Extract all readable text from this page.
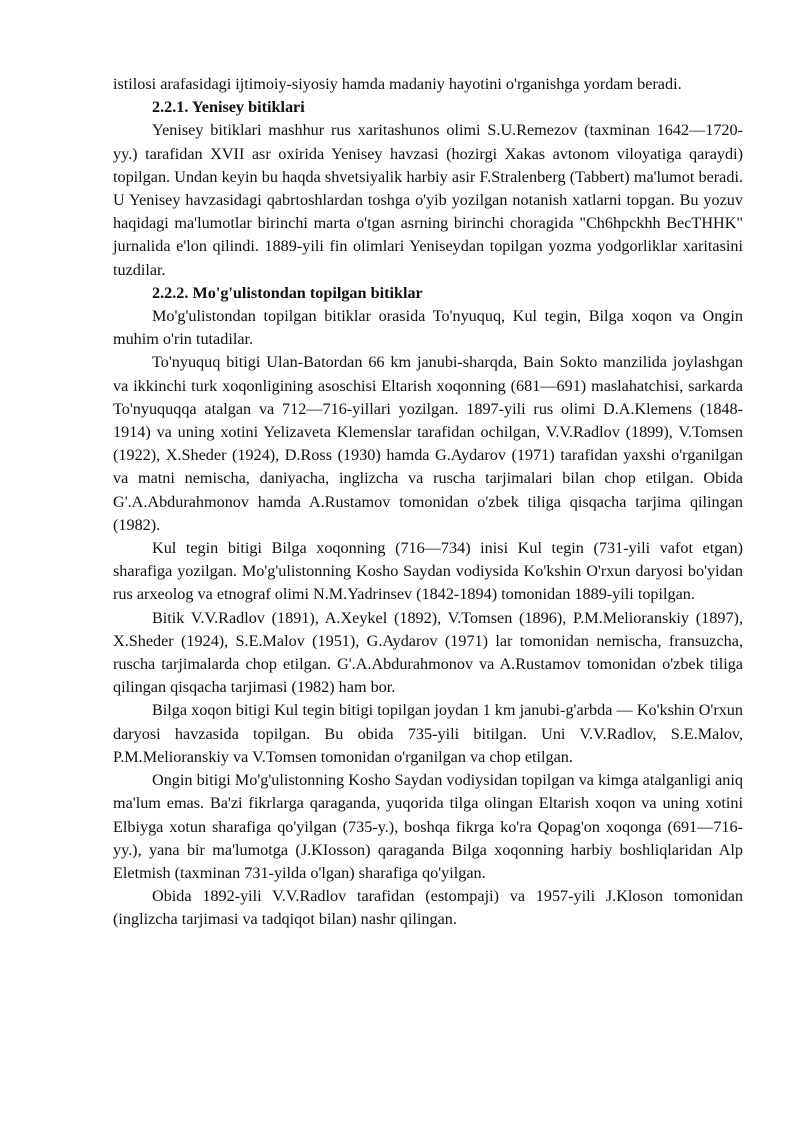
istilosi arafasidagi ijtimoiy-siyosiy hamda madaniy hayotini o'rganishga yordam beradi.

2.2.1. Yenisey bitiklari

Yenisey bitiklari mashhur rus xaritashunos olimi S.U.Remezov (taxminan 1642—1720-yy.) tarafidan XVII asr oxirida Yenisey havzasi (hozirgi Xakas avtonom viloyatiga qaraydi) topilgan. Undan keyin bu haqda shvetsiyalik harbiy asir F.Stralenberg (Tabbert) ma'lumot beradi. U Yenisey havzasidagi qabrtoshlardan toshga o'yib yozilgan notanish xatlarni topgan. Bu yozuv haqidagi ma'lumotlar birinchi marta o'tgan asrning birinchi choragida "Ch6hpckhh BecTHHK" jurnalida e'lon qilindi. 1889-yili fin olimlari Yeniseydan topilgan yozma yodgorliklar xaritasini tuzdilar.

2.2.2. Mo'g'ulistondan topilgan bitiklar

Mo'g'ulistondan topilgan bitiklar orasida To'nyuquq, Kul tegin, Bilga xoqon va Ongin muhim o'rin tutadilar.

To'nyuquq bitigi Ulan-Batordan 66 km janubi-sharqda, Bain Sokto manzilida joylashgan va ikkinchi turk xoqonligining asoschisi Eltarish xoqonning (681—691) maslahatchisi, sarkarda To'nyuquqqa atalgan va 712—716-yillari yozilgan. 1897-yili rus olimi D.A.Klemens (1848-1914) va uning xotini Yelizaveta Klemenslar tarafidan ochilgan, V.V.Radlov (1899), V.Tomsen (1922), X.Sheder (1924), D.Ross (1930) hamda G.Aydarov (1971) tarafidan yaxshi o'rganilgan va matni nemischa, daniyacha, inglizcha va ruscha tarjimalari bilan chop etilgan. Obida G'.A.Abdurahmonov hamda A.Rustamov tomonidan o'zbek tiliga qisqacha tarjima qilingan (1982).

Kul tegin bitigi Bilga xoqonning (716—734) inisi Kul tegin (731-yili vafot etgan) sharafiga yozilgan. Mo'g'ulistonning Kosho Saydan vodiysida Ko'kshin O'rxun daryosi bo'yidan rus arxeolog va etnograf olimi N.M.Yadrinsev (1842-1894) tomonidan 1889-yili topilgan.

Bitik V.V.Radlov (1891), A.Xeykel (1892), V.Tomsen (1896), P.M.Melioranskiy (1897), X.Sheder (1924), S.E.Malov (1951), G.Aydarov (1971) lar tomonidan nemischa, fransuzcha, ruscha tarjimalarda chop etilgan. G'.A.Abdurahmonov va A.Rustamov tomonidan o'zbek tiliga qilingan qisqacha tarjimasi (1982) ham bor.

Bilga xoqon bitigi Kul tegin bitigi topilgan joydan 1 km janubi-g'arbda — Ko'kshin O'rxun daryosi havzasida topilgan. Bu obida 735-yili bitilgan. Uni V.V.Radlov, S.E.Malov, P.M.Melioranskiy va V.Tomsen tomonidan o'rganilgan va chop etilgan.

Ongin bitigi Mo'g'ulistonning Kosho Saydan vodiysidan topilgan va kimga atalganligi aniq ma'lum emas. Ba'zi fikrlarga qaraganda, yuqorida tilga olingan Eltarish xoqon va uning xotini Elbiyga xotun sharafiga qo'yilgan (735-y.), boshqa fikrga ko'ra Qopag'on xoqonga (691—716-yy.), yana bir ma'lumotga (J.KIosson) qaraganda Bilga xoqonning harbiy boshliqlaridan Alp Eletmish (taxminan 731-yilda o'lgan) sharafiga qo'yilgan.

Obida 1892-yili V.V.Radlov tarafidan (estompaji) va 1957-yili J.Kloson tomonidan (inglizcha tarjimasi va tadqiqot bilan) nashr qilingan.
